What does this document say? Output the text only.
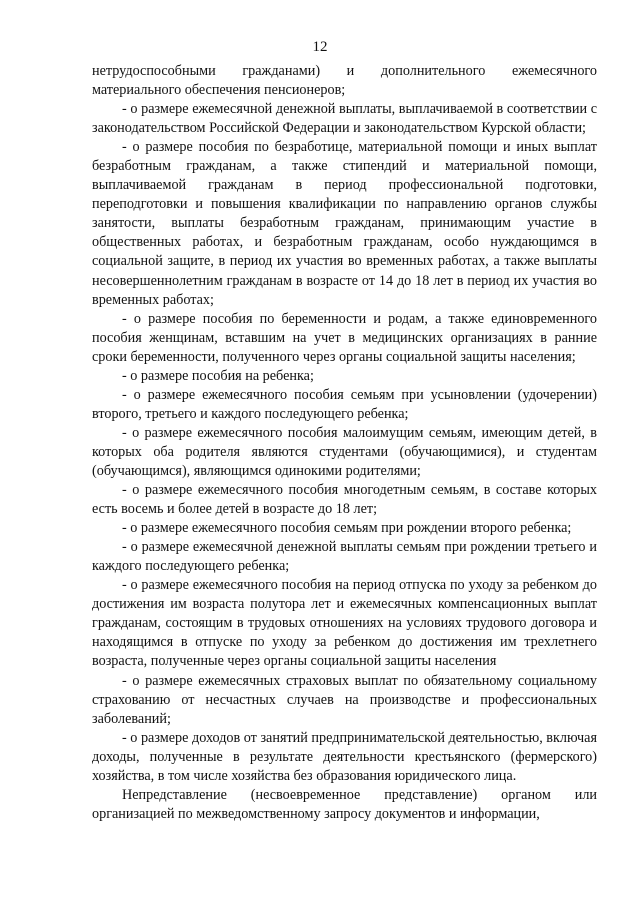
12

нетрудоспособными гражданами) и дополнительного ежемесячного материального обеспечения пенсионеров;

- о размере ежемесячной денежной выплаты, выплачиваемой в соответствии с законодательством Российской Федерации и законодательством Курской области;

- о размере пособия по безработице, материальной помощи и иных выплат безработным гражданам, а также стипендий и материальной помощи, выплачиваемой гражданам в период профессиональной подготовки, переподготовки и повышения квалификации по направлению органов службы занятости, выплаты безработным гражданам, принимающим участие в общественных работах, и безработным гражданам, особо нуждающимся в социальной защите, в период их участия во временных работах, а также выплаты несовершеннолетним гражданам в возрасте от 14 до 18 лет в период их участия во временных работах;

- о размере пособия по беременности и родам, а также единовременного пособия женщинам, вставшим на учет в медицинских организациях в ранние сроки беременности, полученного через органы социальной защиты населения;

- о размере пособия на ребенка;

- о размере ежемесячного пособия семьям при усыновлении (удочерении) второго, третьего и каждого последующего ребенка;

- о размере ежемесячного пособия малоимущим семьям, имеющим детей, в которых оба родителя являются студентами (обучающимися), и студентам (обучающимся), являющимся одинокими родителями;

- о размере ежемесячного пособия многодетным семьям, в составе которых есть восемь и более детей в возрасте до 18 лет;

- о размере ежемесячного пособия семьям при рождении второго ребенка;

- о размере ежемесячной денежной выплаты семьям при рождении третьего и каждого последующего ребенка;

- о размере ежемесячного пособия на период отпуска по уходу за ребенком до достижения им возраста полутора лет и ежемесячных компенсационных выплат гражданам, состоящим в трудовых отношениях на условиях трудового договора и находящимся в отпуске по уходу за ребенком до достижения им трехлетнего возраста, полученные через органы социальной защиты населения

- о размере ежемесячных страховых выплат по обязательному социальному страхованию от несчастных случаев на производстве и профессиональных заболеваний;

- о размере доходов от занятий предпринимательской деятельностью, включая доходы, полученные в результате деятельности крестьянского (фермерского) хозяйства, в том числе хозяйства без образования юридического лица.

Непредставление (несвоевременное представление) органом или организацией по межведомственному запросу документов и информации,
